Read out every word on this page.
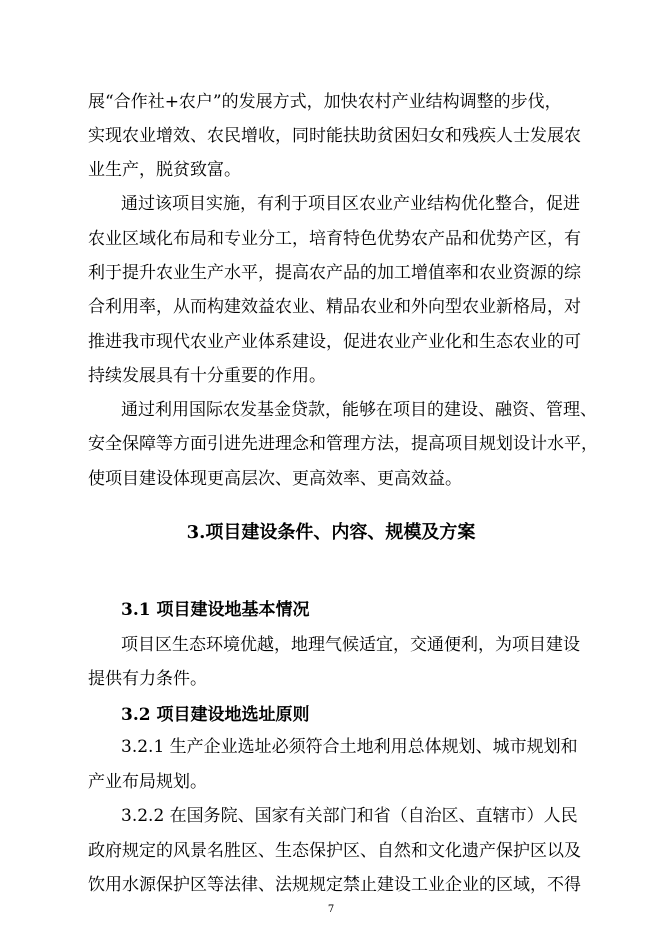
展“合作社+农户”的发展方式，加快农村产业结构调整的步伐，
实现农业增效、农民增收，同时能扶助贫困妇女和残疾人士发展农
业生产，脱贫致富。
通过该项目实施，有利于项目区农业产业结构优化整合，促进
农业区域化布局和专业分工，培育特色优势农产品和优势产区，有
利于提升农业生产水平，提高农产品的加工增值率和农业资源的综
合利用率，从而构建效益农业、精品农业和外向型农业新格局，对
推进我市现代农业产业体系建设，促进农业产业化和生态农业的可
持续发展具有十分重要的作用。
通过利用国际农发基金贷款，能够在项目的建设、融资、管理、
安全保障等方面引进先进理念和管理方法，提高项目规划设计水平，
使项目建设体现更高层次、更高效率、更高效益。
3.项目建设条件、内容、规模及方案
3.1 项目建设地基本情况
项目区生态环境优越，地理气候适宜，交通便利，为项目建设
提供有力条件。
3.2 项目建设地选址原则
3.2.1 生产企业选址必须符合土地利用总体规划、城市规划和
产业布局规划。
3.2.2 在国务院、国家有关部门和省（自治区、直辖市）人民
政府规定的风景名胜区、生态保护区、自然和文化遗产保护区以及
饮用水源保护区等法律、法规规定禁止建设工业企业的区域，不得
7
